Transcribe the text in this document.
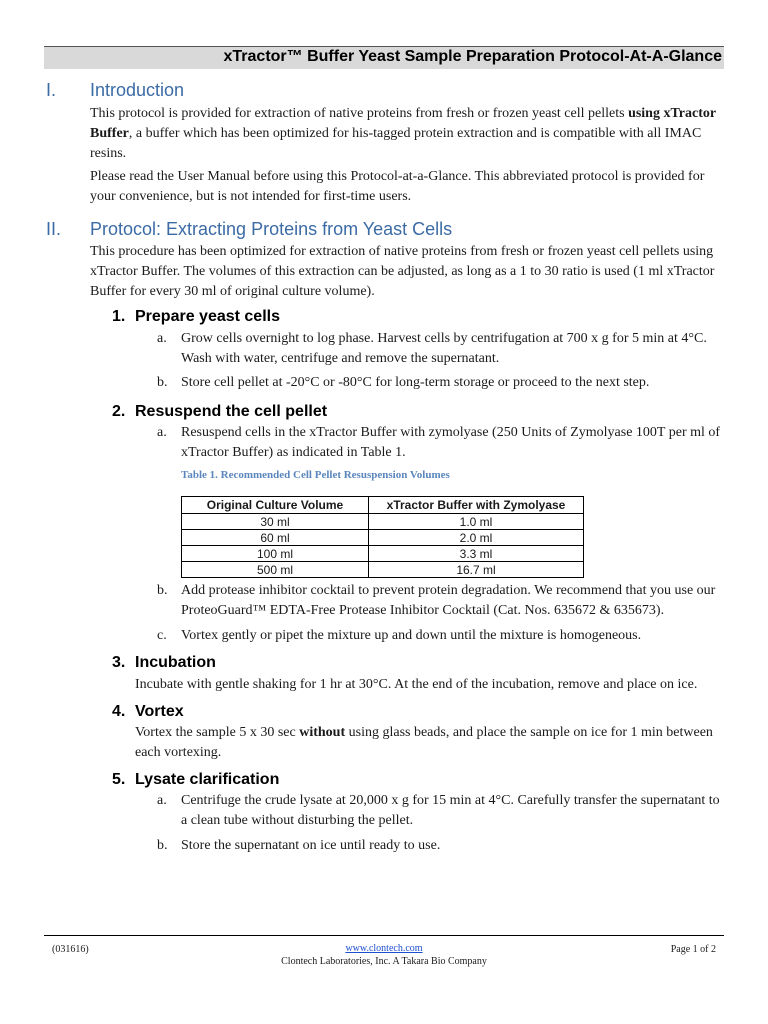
xTractor™ Buffer Yeast Sample Preparation Protocol-At-A-Glance
I. Introduction
This protocol is provided for extraction of native proteins from fresh or frozen yeast cell pellets using xTractor Buffer, a buffer which has been optimized for his-tagged protein extraction and is compatible with all IMAC resins.
Please read the User Manual before using this Protocol-at-a-Glance. This abbreviated protocol is provided for your convenience, but is not intended for first-time users.
II. Protocol: Extracting Proteins from Yeast Cells
This procedure has been optimized for extraction of native proteins from fresh or frozen yeast cell pellets using xTractor Buffer. The volumes of this extraction can be adjusted, as long as a 1 to 30 ratio is used (1 ml xTractor Buffer for every 30 ml of original culture volume).
1. Prepare yeast cells
a. Grow cells overnight to log phase. Harvest cells by centrifugation at 700 x g for 5 min at 4°C. Wash with water, centrifuge and remove the supernatant.
b. Store cell pellet at -20°C or -80°C for long-term storage or proceed to the next step.
2. Resuspend the cell pellet
a. Resuspend cells in the xTractor Buffer with zymolyase (250 Units of Zymolyase 100T per ml of xTractor Buffer) as indicated in Table 1.
Table 1. Recommended Cell Pellet Resuspension Volumes
Original Culture Volume	xTractor Buffer with Zymolyase
30 ml	1.0 ml
60 ml	2.0 ml
100 ml	3.3 ml
500 ml	16.7 ml
b. Add protease inhibitor cocktail to prevent protein degradation. We recommend that you use our ProteoGuard™ EDTA-Free Protease Inhibitor Cocktail (Cat. Nos. 635672 & 635673).
c. Vortex gently or pipet the mixture up and down until the mixture is homogeneous.
3. Incubation
Incubate with gentle shaking for 1 hr at 30°C. At the end of the incubation, remove and place on ice.
4. Vortex
Vortex the sample 5 x 30 sec without using glass beads, and place the sample on ice for 1 min between each vortexing.
5. Lysate clarification
a. Centrifuge the crude lysate at 20,000 x g for 15 min at 4°C. Carefully transfer the supernatant to a clean tube without disturbing the pellet.
b. Store the supernatant on ice until ready to use.
(031616)	www.clontech.com
Clontech Laboratories, Inc. A Takara Bio Company
Page 1 of 2
